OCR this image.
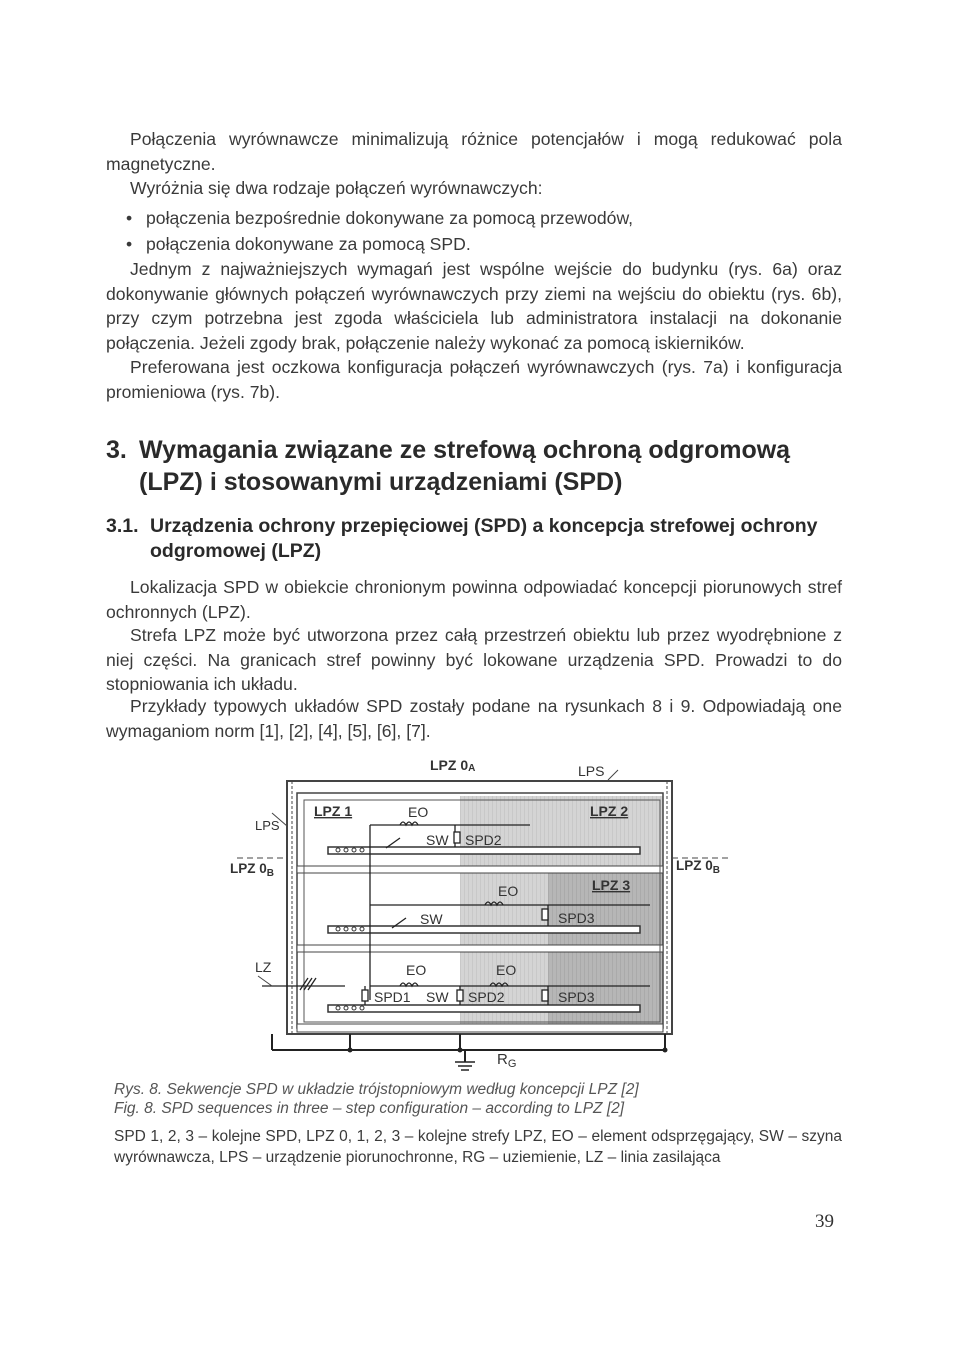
Połączenia wyrównawcze minimalizują różnice potencjałów i mogą redukować pola magnetyczne.

Wyróżnia się dwa rodzaje połączeń wyrównawczych:

• połączenia bezpośrednie dokonywane za pomocą przewodów,
• połączenia dokonywane za pomocą SPD.

Jednym z najważniejszych wymagań jest wspólne wejście do budynku (rys. 6a) oraz dokonywanie głównych połączeń wyrównawczych przy ziemi na wejściu do obiektu (rys. 6b), przy czym potrzebna jest zgoda właściciela lub administratora instalacji na dokonanie połączenia. Jeżeli zgody brak, połączenie należy wykonać za pomocą iskierników.

Preferowana jest oczkowa konfiguracja połączeń wyrównawczych (rys. 7a) i konfiguracja promieniowa (rys. 7b).

3. Wymagania związane ze strefową ochroną odgromową
(LPZ) i stosowanymi urządzeniami (SPD)
3.1. Urządzenia ochrony przepięciowej (SPD) a koncepcja strefowej ochrony
odgromowej (LPZ)

Lokalizacja SPD w obiekcie chronionym powinna odpowiadać koncepcji piorunowych stref ochronnych (LPZ).

Strefa LPZ może być utworzona przez całą przestrzeń obiektu lub przez wyodrębnione z niej części. Na granicach stref powinny być lokowane urządzenia SPD. Prowadzi to do stopniowania ich układu.

Przykłady typowych układów SPD zostały podane na rysunkach 8 i 9. Odpowiadają one wymaganiom norm [1], [2], [4], [5], [6], [7].

LPZ 0A	LPS
LPS
LPZ $0_B$
LPZ $0_B$
LZ
LPZ 1	LPZ 2
LPZ 3
EO
EO
EO	EO
SW
SW
SW
SPD2
SPD3
SPD1	SPD2	SPD3
$R_G$
Rys. 8. Sekwencje SPD w układzie trójstopniowym według koncepcji LPZ [2]
Fig. 8. SPD sequences in three – step configuration – according to LPZ [2]
SPD 1, 2, 3 – kolejne SPD, LPZ 0, 1, 2, 3 – kolejne strefy LPZ, EO – element odsprzęgający, SW – szyna wyrównawcza, LPS – urządzenie piorunochronne, RG – uziemienie, LZ – linia zasilająca
39
